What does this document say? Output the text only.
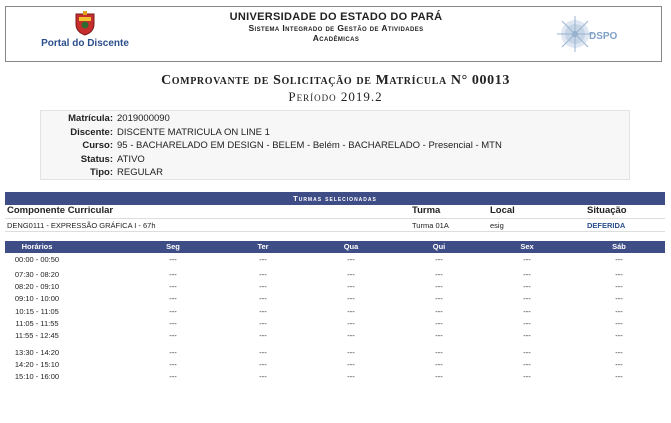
Portal do Discente
UNIVERSIDADE DO ESTADO DO PARÁ
Sistema Integrado de Gestão de Atividades
Acadêmicas	DSPO
Comprovante de Solicitação de Matrícula N° 00013
Período 2019.2
Matrícula: 2019000090
Discente: DISCENTE MATRICULA ON LINE 1
Curso: 95 - BACHARELADO EM DESIGN - BELEM - Belém - BACHARELADO - Presencial - MTN
Status: ATIVO
Tipo: REGULAR
Turmas selecionadas
Componente Curricular	Turma	Local	Situação
DENG0111 - EXPRESSÃO GRÁFICA I - 67h	Turma 01A	esig	DEFERIDA
Horários	Seg	Ter	Qua	Qui	Sex	Sáb
00:00 - 00:50	---	---	---	---	---	---
07:30 - 08:20	---	---	---	---	---	---
08:20 - 09:10	---	---	---	---	---	---
09:10 - 10:00	---	---	---	---	---	---
10:15 - 11:05	---	---	---	---	---	---
11:05 - 11:55	---	---	---	---	---	---
11:55 - 12:45	---	---	---	---	---	---
13:30 - 14:20	---	---	---	---	---	---
14:20 - 15:10	---	---	---	---	---	---
15:10 - 16:00	---	---	---	---	---	---
